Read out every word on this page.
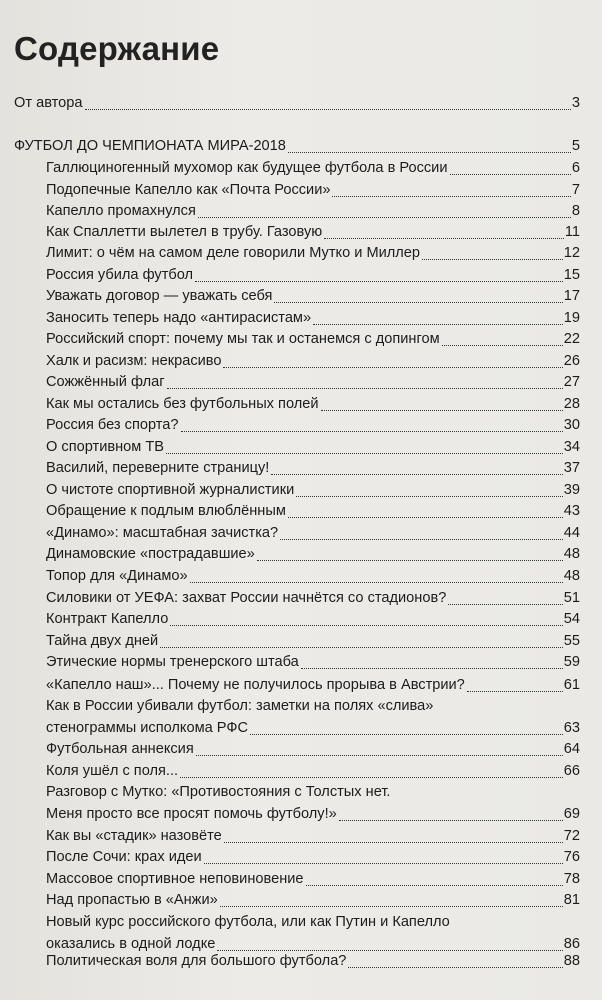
Содержание
От автора	3
ФУТБОЛ ДО ЧЕМПИОНАТА МИРА-2018	5
Галлюциногенный мухомор как будущее футбола в России	6
Подопечные Капелло как «Почта России»	7
Капелло промахнулся	8
Как Спаллетти вылетел в трубу. Газовую	11
Лимит: о чём на самом деле говорили Мутко и Миллер	12
Россия убила футбол	15
Уважать договор — уважать себя	17
Заносить теперь надо «антирасистам»	19
Российский спорт: почему мы так и останемся с допингом	22
Халк и расизм: некрасиво	26
Сожжённый флаг	27
Как мы остались без футбольных полей	28
Россия без спорта?	30
О спортивном ТВ	34
Василий, переверните страницу!	37
О чистоте спортивной журналистики	39
Обращение к подлым влюблённым	43
«Динамо»: масштабная зачистка?	44
Динамовские «пострадавшие»	48
Топор для «Динамо»	48
Силовики от УЕФА: захват России начнётся со стадионов?	51
Контракт Капелло	54
Тайна двух дней	55
Этические нормы тренерского штаба	59
«Капелло наш»... Почему не получилось прорыва в Австрии?	61
Как в России убивали футбол: заметки на полях «слива»
стенограммы исполкома РФС	63
Футбольная аннексия	64
Коля ушёл с поля...	66
Разговор с Мутко: «Противостояния с Толстых нет.
Меня просто все просят помочь футболу!»	69
Как вы «стадик» назовёте	72
После Сочи: крах идеи	76
Массовое спортивное неповиновение	78
Над пропастью в «Анжи»	81
Новый курс российского футбола, или как Путин и Капелло
оказались в одной лодке	86
Политическая воля для большого футбола?	88
